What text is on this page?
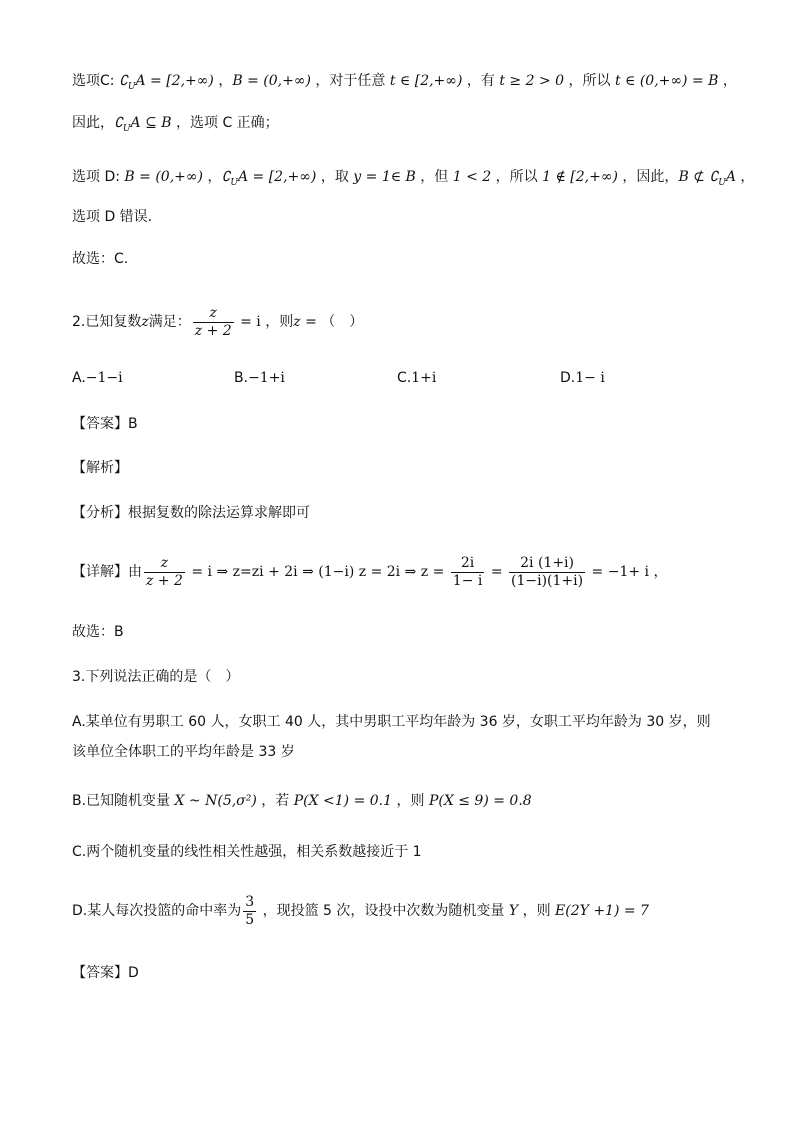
选项C: $∁_UA = [2,+\infty)$ ，B = (0,+∞) ，对于任意 t ∈ [2,+∞) ，有 t ≥ 2 > 0 ，所以 t ∈ (0,+∞) = B ，
因此，$∁_UA$ ⊆ B ，选项 C 正确；
选项 D: B = (0,+∞) ，$∁_UA = [2,+\infty)$ ，取 y = 1∈ B ，但 1 < 2 ，所以 1 ∉ [2,+∞) ，因此，B ⊄ $∁_UA$ ，
选项 D 错误.
故选：C.
2.已知复数z满足： $\frac{z}{z + 2} = i$ ，则z = （　）
A.−1−i	B.−1+i	C.1+i	D.1− i
【答案】B
【解析】
【分析】根据复数的除法运算求解即可
【详解】由 $\frac{z}{z + 2} = i$ ⇒ z=zi + 2i ⇒ (1−i) z = 2i ⇒ $z = \frac{2i}{1- i} = \frac{2i (1+i)}{(1-i)(1+i)} = -1+ i$ ，
故选：B
3.下列说法正确的是（　）
A.某单位有男职工 60 人，女职工 40 人，其中男职工平均年龄为 36 岁，女职工平均年龄为 30 岁，则
该单位全体职工的平均年龄是 33 岁
B.已知随机变量 X ~ N(5,σ²) ，若 P(X <1) = 0.1 ，则 P(X ≤ 9) = 0.8
C.两个随机变量的线性相关性越强，相关系数越接近于 1
D.某人每次投篮的命中率为 $\frac{3}{5}$ ，现投篮 5 次，设投中次数为随机变量 Y ，则 E(2Y +1) = 7
【答案】D
